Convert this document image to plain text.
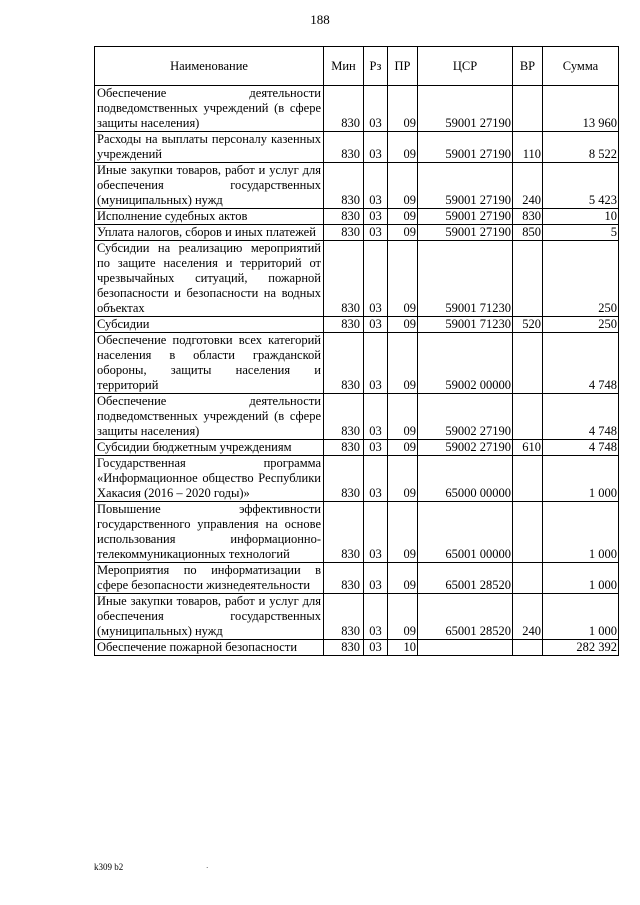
188
Наименование	Мин	Рз	ПР	ЦСР	ВР	Сумма
Обеспечение деятельности подведомственных учреждений (в сфере защиты населения)	830	03	09	59001 27190		13 960
Расходы на выплаты персоналу казенных учреждений	830	03	09	59001 27190	110	8 522
Иные закупки товаров, работ и услуг для обеспечения государственных (муниципальных) нужд	830	03	09	59001 27190	240	5 423
Исполнение судебных актов	830	03	09	59001 27190	830	10
Уплата налогов, сборов и иных платежей	830	03	09	59001 27190	850	5
Субсидии на реализацию мероприятий по защите населения и территорий от чрезвычайных ситуаций, пожарной безопасности и безопасности на водных объектах	830	03	09	59001 71230		250
Субсидии	830	03	09	59001 71230	520	250
Обеспечение подготовки всех категорий населения в области гражданской обороны, защиты населения и территорий	830	03	09	59002 00000		4 748
Обеспечение деятельности подведомственных учреждений (в сфере защиты населения)	830	03	09	59002 27190		4 748
Субсидии бюджетным учреждениям	830	03	09	59002 27190	610	4 748
Государственная программа «Информационное общество Республики Хакасия (2016 – 2020 годы)»	830	03	09	65000 00000		1 000
Повышение эффективности государственного управления на основе использования информационно-телекоммуникационных технологий	830	03	09	65001 00000		1 000
Мероприятия по информатизации в сфере безопасности жизнедеятельности	830	03	09	65001 28520		1 000
Иные закупки товаров, работ и услуг для обеспечения государственных (муниципальных) нужд	830	03	09	65001 28520	240	1 000
Обеспечение пожарной безопасности	830	03	10			282 392
k309 b2	·
